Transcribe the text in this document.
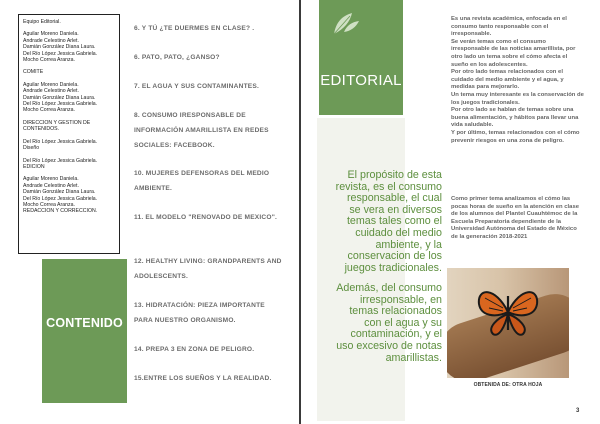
Equipo Editorial.
Aguilar Moreno Daniela.
Andrade Celestino Arlet.
Damián González Diana Laura.
Del Río López Jessica Gabriela.
Mocho Correa Aranza.
COMITÉ
Aguilar Moreno Daniela.
Andrade Celestino Arlet.
Damián González Diana Laura.
Del Río López Jessica Gabriela.
Mocho Correa Aranza.
DIRECCIÓN Y GESTIÓN DE
CONTENIDOS.
Del Río López Jessica Gabriela.
Diseño
Del Río López Jessica Gabriela.
EDICIÓN
Aguilar Moreno Daniela.
Andrade Celestino Arlet.
Damián González Diana Laura.
Del Río López Jessica Gabriela.
Mocho Correa Aranza.
REDACCIÓN Y CORRECCIÓN.
CONTENIDO
6. Y TÚ ¿TE DUERMES EN CLASE? .
6. PATO, PATO, ¿GANSO?
7. EL AGUA Y SUS CONTAMINANTES.
8. CONSUMO IRESPONSABLE DE INFORMACIÓN AMARILLISTA EN REDES SOCIALES: FACEBOOK.
10. MUJERES DEFENSORAS DEL MEDIO AMBIENTE.
11. EL MODELO "RENOVADO DE MEXICO".
12. HEALTHY LIVING: GRANDPARENTS AND ADOLESCENTS.
13. HIDRATACIÓN: PIEZA IMPORTANTE PARA NUESTRO ORGANISMO.
14. PREPA 3 EN ZONA DE PELIGRO.
15.ENTRE LOS SUEÑOS Y LA REALIDAD.
EDITORIAL
Es una revista académica, enfocada en el consumo tanto responsable con el irresponsable.
Se verán temas como el consumo irresponsable de las noticias amarillista, por otro lado un tema sobre el cómo afecta el sueño en los adolescentes.
Por otro lado temas relacionados con el cuidado del medio ambiente y el agua, y medidas para mejorarlo.
Un tema muy interesante es la conservación de los juegos tradicionales.
Por otro lado se hablan de temas sobre una buena alimentación, y hábitos para llevar una vida saludable.
Y por último, temas relacionados con el cómo prevenir riesgos en una zona de peligro.
Como primer tema analizamos el cómo las pocas horas de sueño en la atención en clase de los alumnos del Plantel Cuauhtémoc de la Escuela Preparatoria dependiente de la Universidad Autónoma del Estado de México de la generación 2018-2021
El propósito de esta revista, es el consumo responsable, el cual se vera en diversos temas tales como el cuidado del medio ambiente, y la conservacion de los juegos tradicionales.
Además, del consumo irresponsable, en temas relacionados con el agua y su contaminación, y el uso excesivo de notas amarillistas.
OBTENIDA DE: OTRA HOJA
3
